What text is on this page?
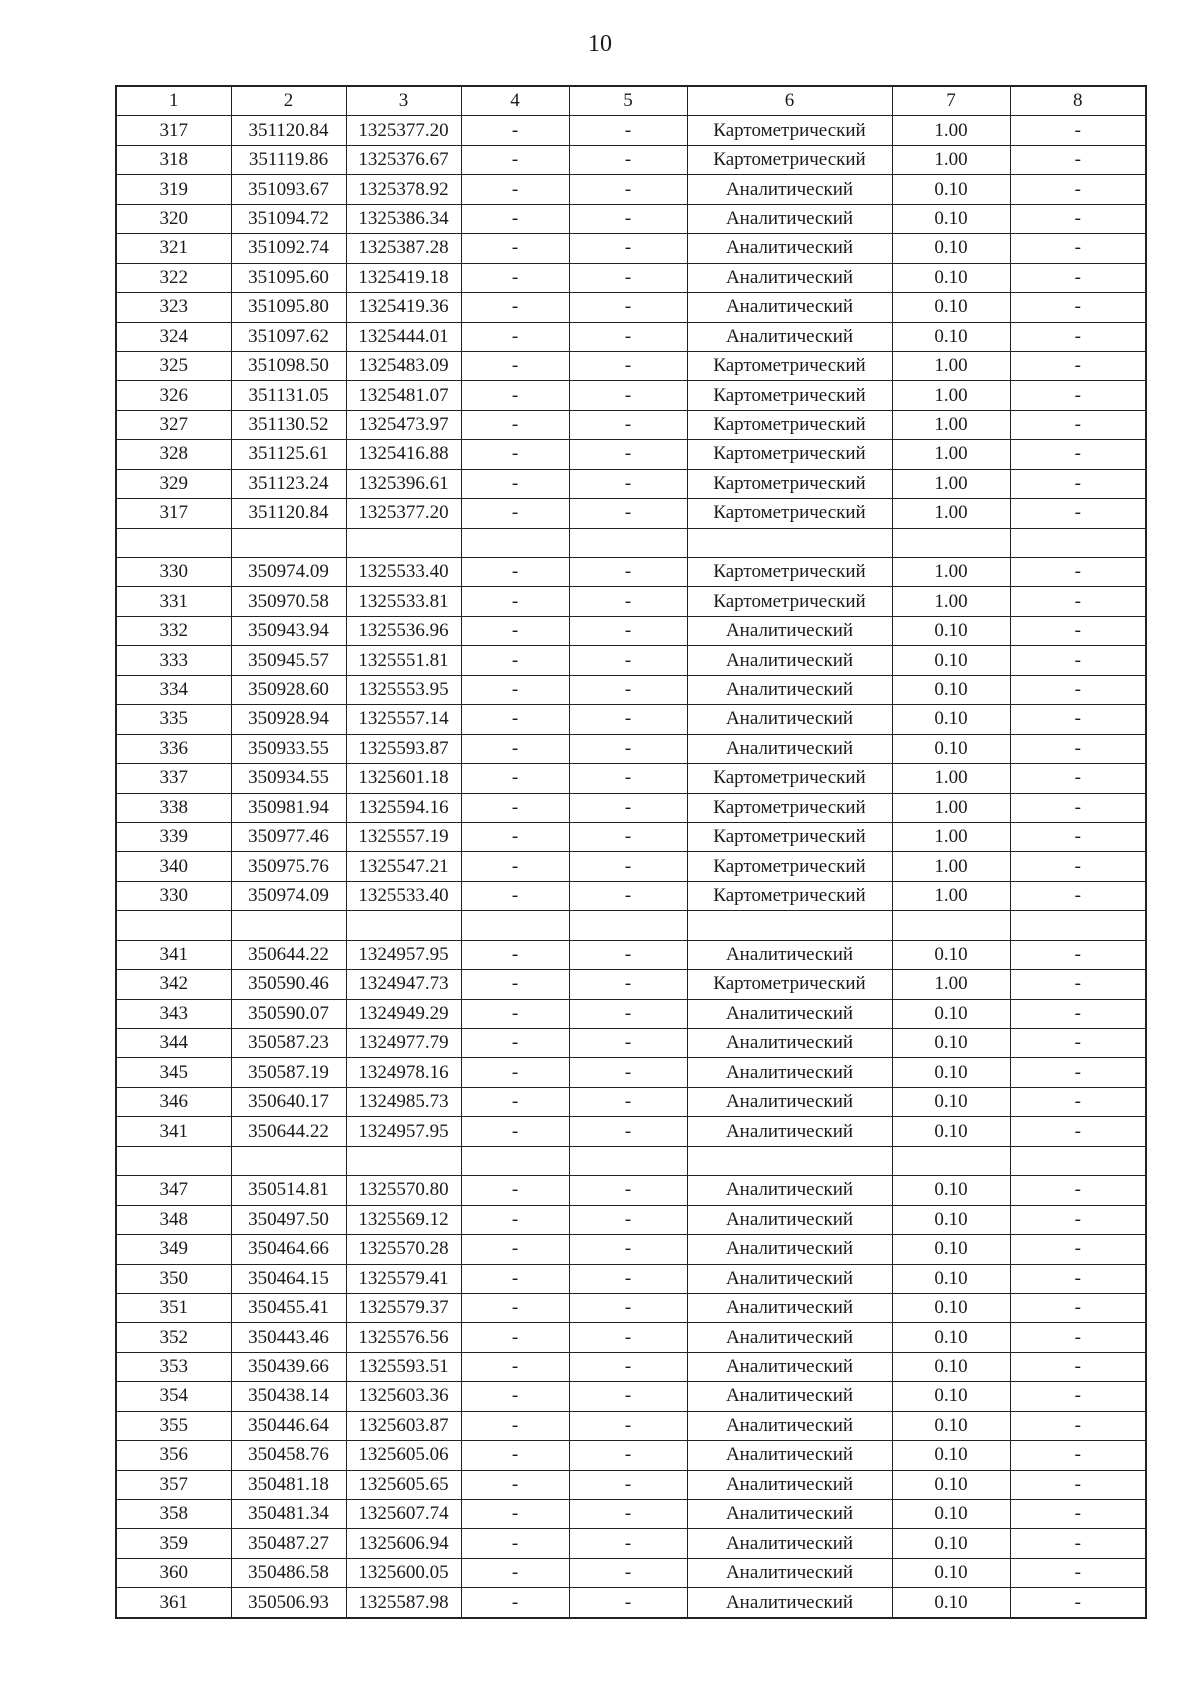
10
1	2	3	4	5	6	7	8
317	351120.84	1325377.20	-	-	Картометрический	1.00	-
318	351119.86	1325376.67	-	-	Картометрический	1.00	-
319	351093.67	1325378.92	-	-	Аналитический	0.10	-
320	351094.72	1325386.34	-	-	Аналитический	0.10	-
321	351092.74	1325387.28	-	-	Аналитический	0.10	-
322	351095.60	1325419.18	-	-	Аналитический	0.10	-
323	351095.80	1325419.36	-	-	Аналитический	0.10	-
324	351097.62	1325444.01	-	-	Аналитический	0.10	-
325	351098.50	1325483.09	-	-	Картометрический	1.00	-
326	351131.05	1325481.07	-	-	Картометрический	1.00	-
327	351130.52	1325473.97	-	-	Картометрический	1.00	-
328	351125.61	1325416.88	-	-	Картометрический	1.00	-
329	351123.24	1325396.61	-	-	Картометрический	1.00	-
317	351120.84	1325377.20	-	-	Картометрический	1.00	-

330	350974.09	1325533.40	-	-	Картометрический	1.00	-
331	350970.58	1325533.81	-	-	Картометрический	1.00	-
332	350943.94	1325536.96	-	-	Аналитический	0.10	-
333	350945.57	1325551.81	-	-	Аналитический	0.10	-
334	350928.60	1325553.95	-	-	Аналитический	0.10	-
335	350928.94	1325557.14	-	-	Аналитический	0.10	-
336	350933.55	1325593.87	-	-	Аналитический	0.10	-
337	350934.55	1325601.18	-	-	Картометрический	1.00	-
338	350981.94	1325594.16	-	-	Картометрический	1.00	-
339	350977.46	1325557.19	-	-	Картометрический	1.00	-
340	350975.76	1325547.21	-	-	Картометрический	1.00	-
330	350974.09	1325533.40	-	-	Картометрический	1.00	-

341	350644.22	1324957.95	-	-	Аналитический	0.10	-
342	350590.46	1324947.73	-	-	Картометрический	1.00	-
343	350590.07	1324949.29	-	-	Аналитический	0.10	-
344	350587.23	1324977.79	-	-	Аналитический	0.10	-
345	350587.19	1324978.16	-	-	Аналитический	0.10	-
346	350640.17	1324985.73	-	-	Аналитический	0.10	-
341	350644.22	1324957.95	-	-	Аналитический	0.10	-

347	350514.81	1325570.80	-	-	Аналитический	0.10	-
348	350497.50	1325569.12	-	-	Аналитический	0.10	-
349	350464.66	1325570.28	-	-	Аналитический	0.10	-
350	350464.15	1325579.41	-	-	Аналитический	0.10	-
351	350455.41	1325579.37	-	-	Аналитический	0.10	-
352	350443.46	1325576.56	-	-	Аналитический	0.10	-
353	350439.66	1325593.51	-	-	Аналитический	0.10	-
354	350438.14	1325603.36	-	-	Аналитический	0.10	-
355	350446.64	1325603.87	-	-	Аналитический	0.10	-
356	350458.76	1325605.06	-	-	Аналитический	0.10	-
357	350481.18	1325605.65	-	-	Аналитический	0.10	-
358	350481.34	1325607.74	-	-	Аналитический	0.10	-
359	350487.27	1325606.94	-	-	Аналитический	0.10	-
360	350486.58	1325600.05	-	-	Аналитический	0.10	-
361	350506.93	1325587.98	-	-	Аналитический	0.10	-
